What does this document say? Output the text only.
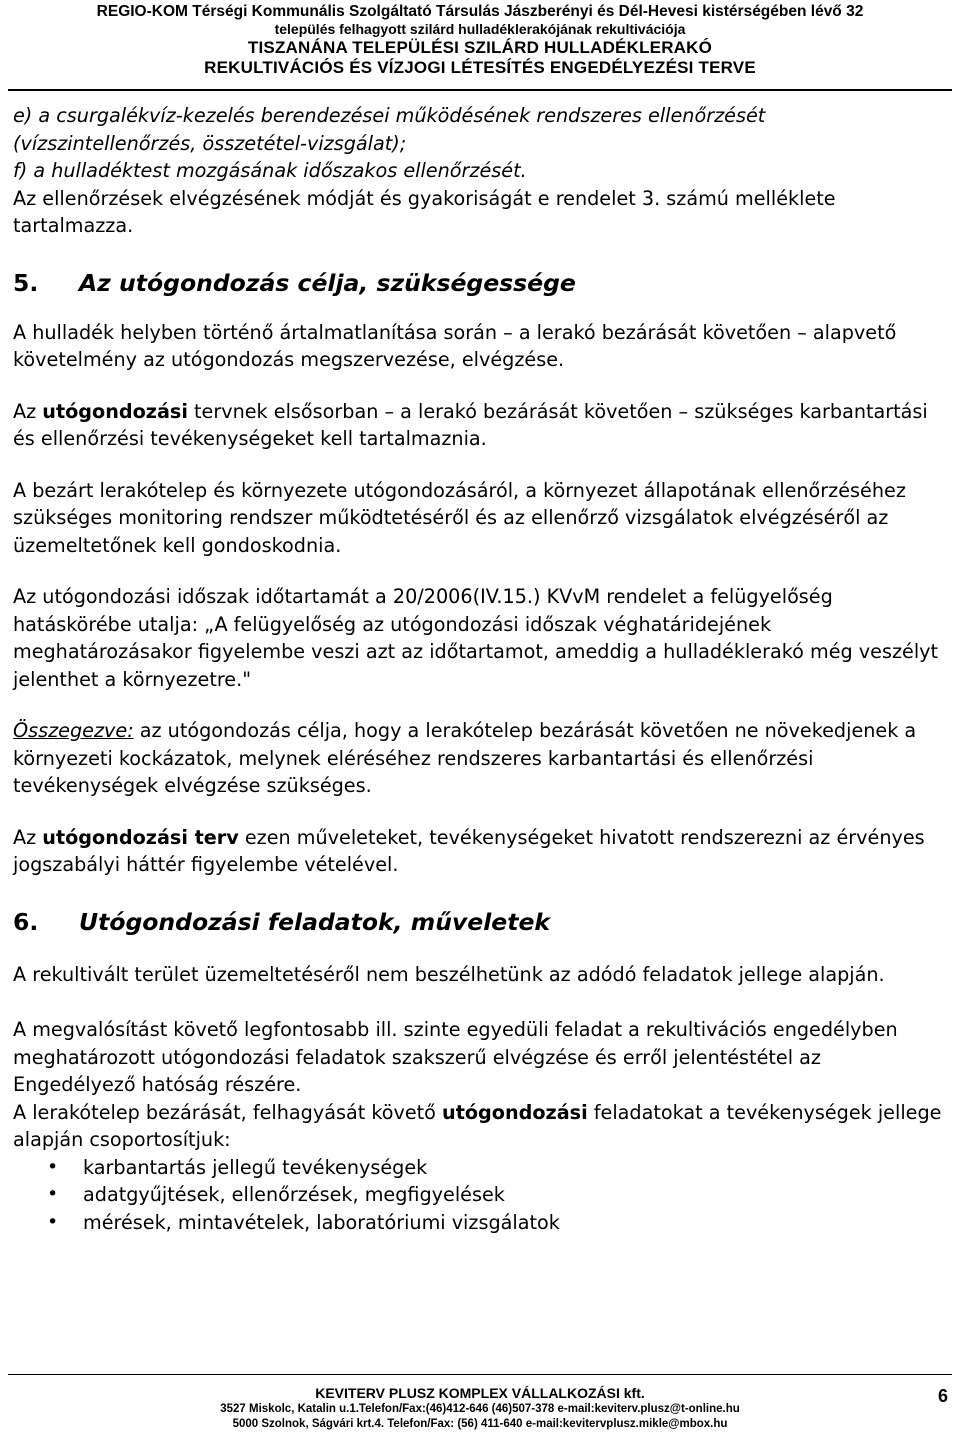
REGIO-KOM Térségi Kommunális Szolgáltató Társulás Jászberényi és Dél-Hevesi kistérségében lévő 32
település felhagyott szilárd hulladéklerakójának rekultivációja
TISZANÁNA TELEPÜLÉSI SZILÁRD HULLADÉKLERAKÓ
REKULTIVÁCIÓS ÉS VÍZJOGI LÉTESÍTÉS ENGEDÉLYEZÉSI TERVE

e) a csurgalékvíz-kezelés berendezései működésének rendszeres ellenőrzését (vízszintellenőrzés, összetétel-vizsgálat);

f) a hulladéktest mozgásának időszakos ellenőrzését.

Az ellenőrzések elvégzésének módját és gyakoriságát e rendelet 3. számú melléklete tartalmazza.

5. Az utógondozás célja, szükségessége

A hulladék helyben történő ártalmatlanítása során – a lerakó bezárását követően – alapvető követelmény az utógondozás megszervezése, elvégzése.

Az utógondozási tervnek elsősorban – a lerakó bezárását követően – szükséges karbantartási és ellenőrzési tevékenységeket kell tartalmaznia.

A bezárt lerakótelep és környezete utógondozásáról, a környezet állapotának ellenőrzéséhez szükséges monitoring rendszer működtetéséről és az ellenőrző vizsgálatok elvégzéséről az üzemeltetőnek kell gondoskodnia.

Az utógondozási időszak időtartamát a 20/2006(IV.15.) KVvM rendelet a felügyelőség hatáskörébe utalja: „A felügyelőség az utógondozási időszak véghatáridejének meghatározásakor figyelembe veszi azt az időtartamot, ameddig a hulladéklerakó még veszélyt jelenthet a környezetre."

Összegezve: az utógondozás célja, hogy a lerakótelep bezárását követően ne növekedjenek a környezeti kockázatok, melynek eléréséhez rendszeres karbantartási és ellenőrzési tevékenységek elvégzése szükséges.

Az utógondozási terv ezen műveleteket, tevékenységeket hivatott rendszerezni az érvényes jogszabályi háttér figyelembe vételével.

6. Utógondozási feladatok, műveletek

A rekultivált terület üzemeltetéséről nem beszélhetünk az adódó feladatok jellege alapján.

A megvalósítást követő legfontosabb ill. szinte egyedüli feladat a rekultivációs engedélyben meghatározott utógondozási feladatok szakszerű elvégzése és erről jelentéstétel az Engedélyező hatóság részére.

A lerakótelep bezárását, felhagyását követő utógondozási feladatokat a tevékenységek jellege alapján csoportosítjuk:

• karbantartás jellegű tevékenységek
• adatgyűjtések, ellenőrzések, megfigyelések
• mérések, mintavételek, laboratóriumi vizsgálatok
KEVITERV PLUSZ KOMPLEX VÁLLALKOZÁSI kft.
3527 Miskolc, Katalin u.1.Telefon/Fax:(46)412-646 (46)507-378 e-mail:keviterv.plusz@t-online.hu
5000 Szolnok, Ságvári krt.4. Telefon/Fax: (56) 411-640 e-mail:kevitervplusz.mikle@mbox.hu
6
